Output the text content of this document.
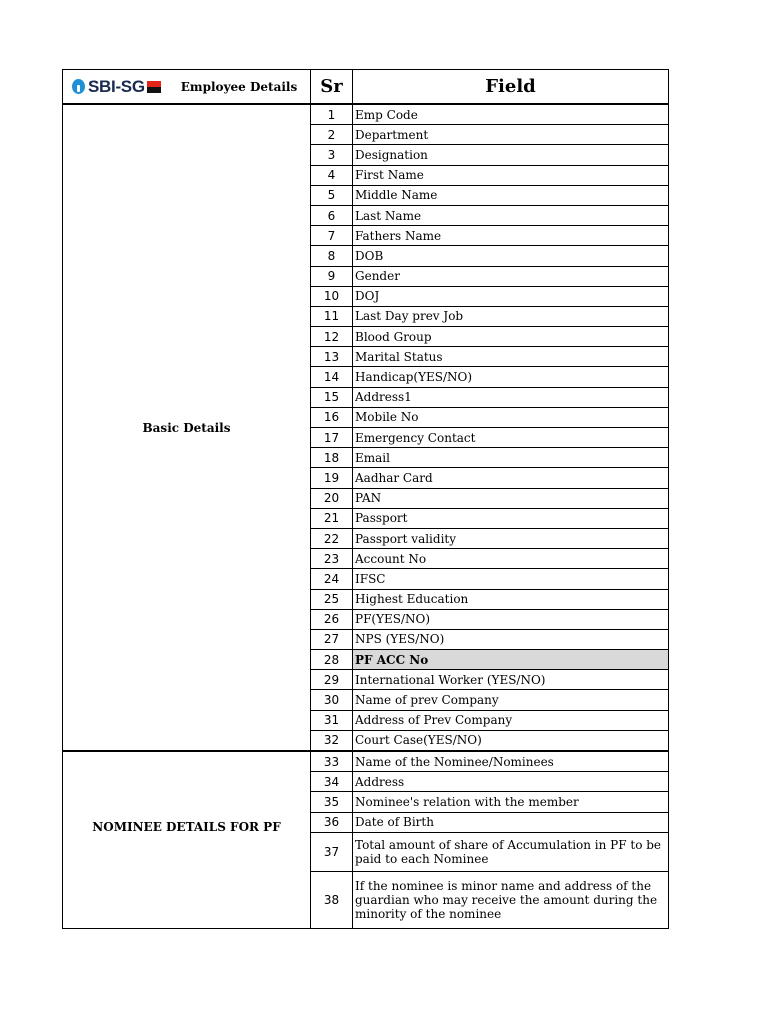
SBI-SG Employee Details	Sr	Field
Basic Details	1	Emp Code
	2	Department
	3	Designation
	4	First Name
	5	Middle Name
	6	Last Name
	7	Fathers Name
	8	DOB
	9	Gender
	10	DOJ
	11	Last Day prev Job
	12	Blood Group
	13	Marital Status
	14	Handicap(YES/NO)
	15	Address1
	16	Mobile No
	17	Emergency Contact
	18	Email
	19	Aadhar Card
	20	PAN
	21	Passport
	22	Passport validity
	23	Account No
	24	IFSC
	25	Highest Education
	26	PF(YES/NO)
	27	NPS (YES/NO)
	28	PF ACC No
	29	International Worker (YES/NO)
	30	Name of prev Company
	31	Address of Prev Company
	32	Court Case(YES/NO)
NOMINEE DETAILS FOR PF	33	Name of the Nominee/Nominees
	34	Address
	35	Nominee's relation with the member
	36	Date of Birth
	37	Total amount of share of Accumulation in PF to be paid to each Nominee
	38	If the nominee is minor name and address of the guardian who may receive the amount during the minority of the nominee
